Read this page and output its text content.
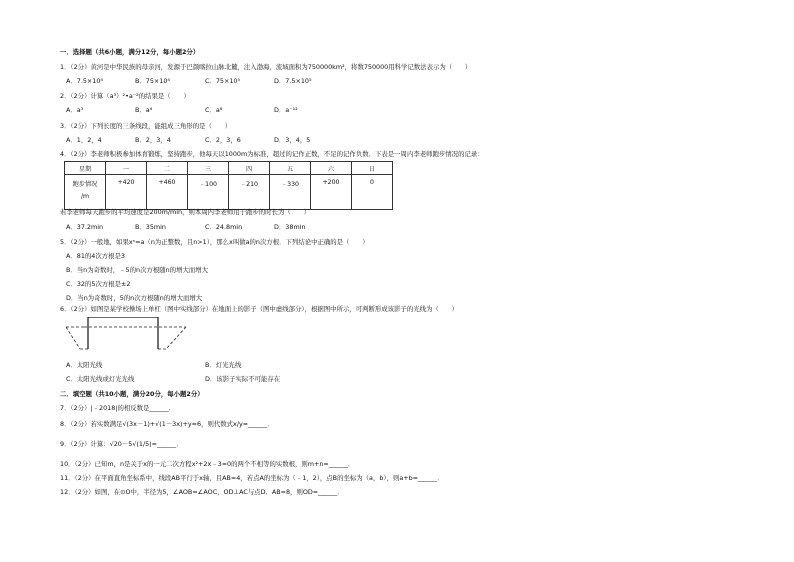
一．选择题（共6小题，满分12分，每小题2分）
1．（2分）黄河是中华民族的母亲河，发源于巴颜喀拉山脉北麓，注入渤海，流域面积为750000km²，将数750000用科学记数法表示为（　　）
A．7.5×10⁴	B．75×10⁴	C．75×10⁵	D．7.5×10⁵
2．（2分）计算（a³）²•a⁻²的结果是（　　）
A．a³	B．a⁴	C．a⁸	D．a⁻¹²
3．（2分）下列长度的三条线段，能组成三角形的是（　　）
A．1，2，4	B．2，3，4	C．2，3，6	D．3，4，5
4．（2分）李老师积极参加体育锻炼，坚持跑步，他每天以1000m为标准，超过的记作正数，不足的记作负数．下表是一周内李老师跑步情况的记录：
星期	一	二	三	四	五	六	日

跑步情况
/m	+420	+460	﹣100	﹣210	﹣330	+200	0
若李老师每天跑步的平均速度是200m/min，则本周内李老师用于跑步的时长为（　　）
A．37.2min	B．35min	C．24.8min	D．38min
5．（2分）一般地，如果xⁿ=a（n为正整数，且n>1），那么x叫做a的n次方根．下列结论中正确的是（　　）
A．81的4次方根是3
B．当n为奇数时，﹣5的n次方根随n的增大而增大
C．32的5次方根是±2
D．当n为奇数时，5的n次方根随n的增大而增大
6．（2分）如图是某学校操场上单杠（图中实线部分）在地面上的影子（图中虚线部分），根据图中所示，可判断形成该影子的光线为（　　）
A．太阳光线	B．灯光光线
C．太阳光线或灯光光线	D．该影子实际不可能存在
二．填空题（共10小题，满分20分，每小题2分）
7．（2分）|﹣2018|的相反数是______．
8．（2分）若实数满足√(3x－1)+√(1－3x)+y=6，则代数式x/y=______．
9．（2分）计算：√20－5√(1/5)=______．
10．（2分）已知m，n是关于x的一元二次方程x²+2x﹣3=0的两个不相等的实数根，则m+n=______．
11．（2分）在平面直角坐标系中，线段AB平行于x轴，且AB=4，若点A的坐标为（﹣1，2），点B的坐标为（a，b），则a+b=______．
12．（2分）如图，在⊙O中，半径为5，∠AOB=∠AOC，OD⊥AC与点D．AB=8，则OD=______．
